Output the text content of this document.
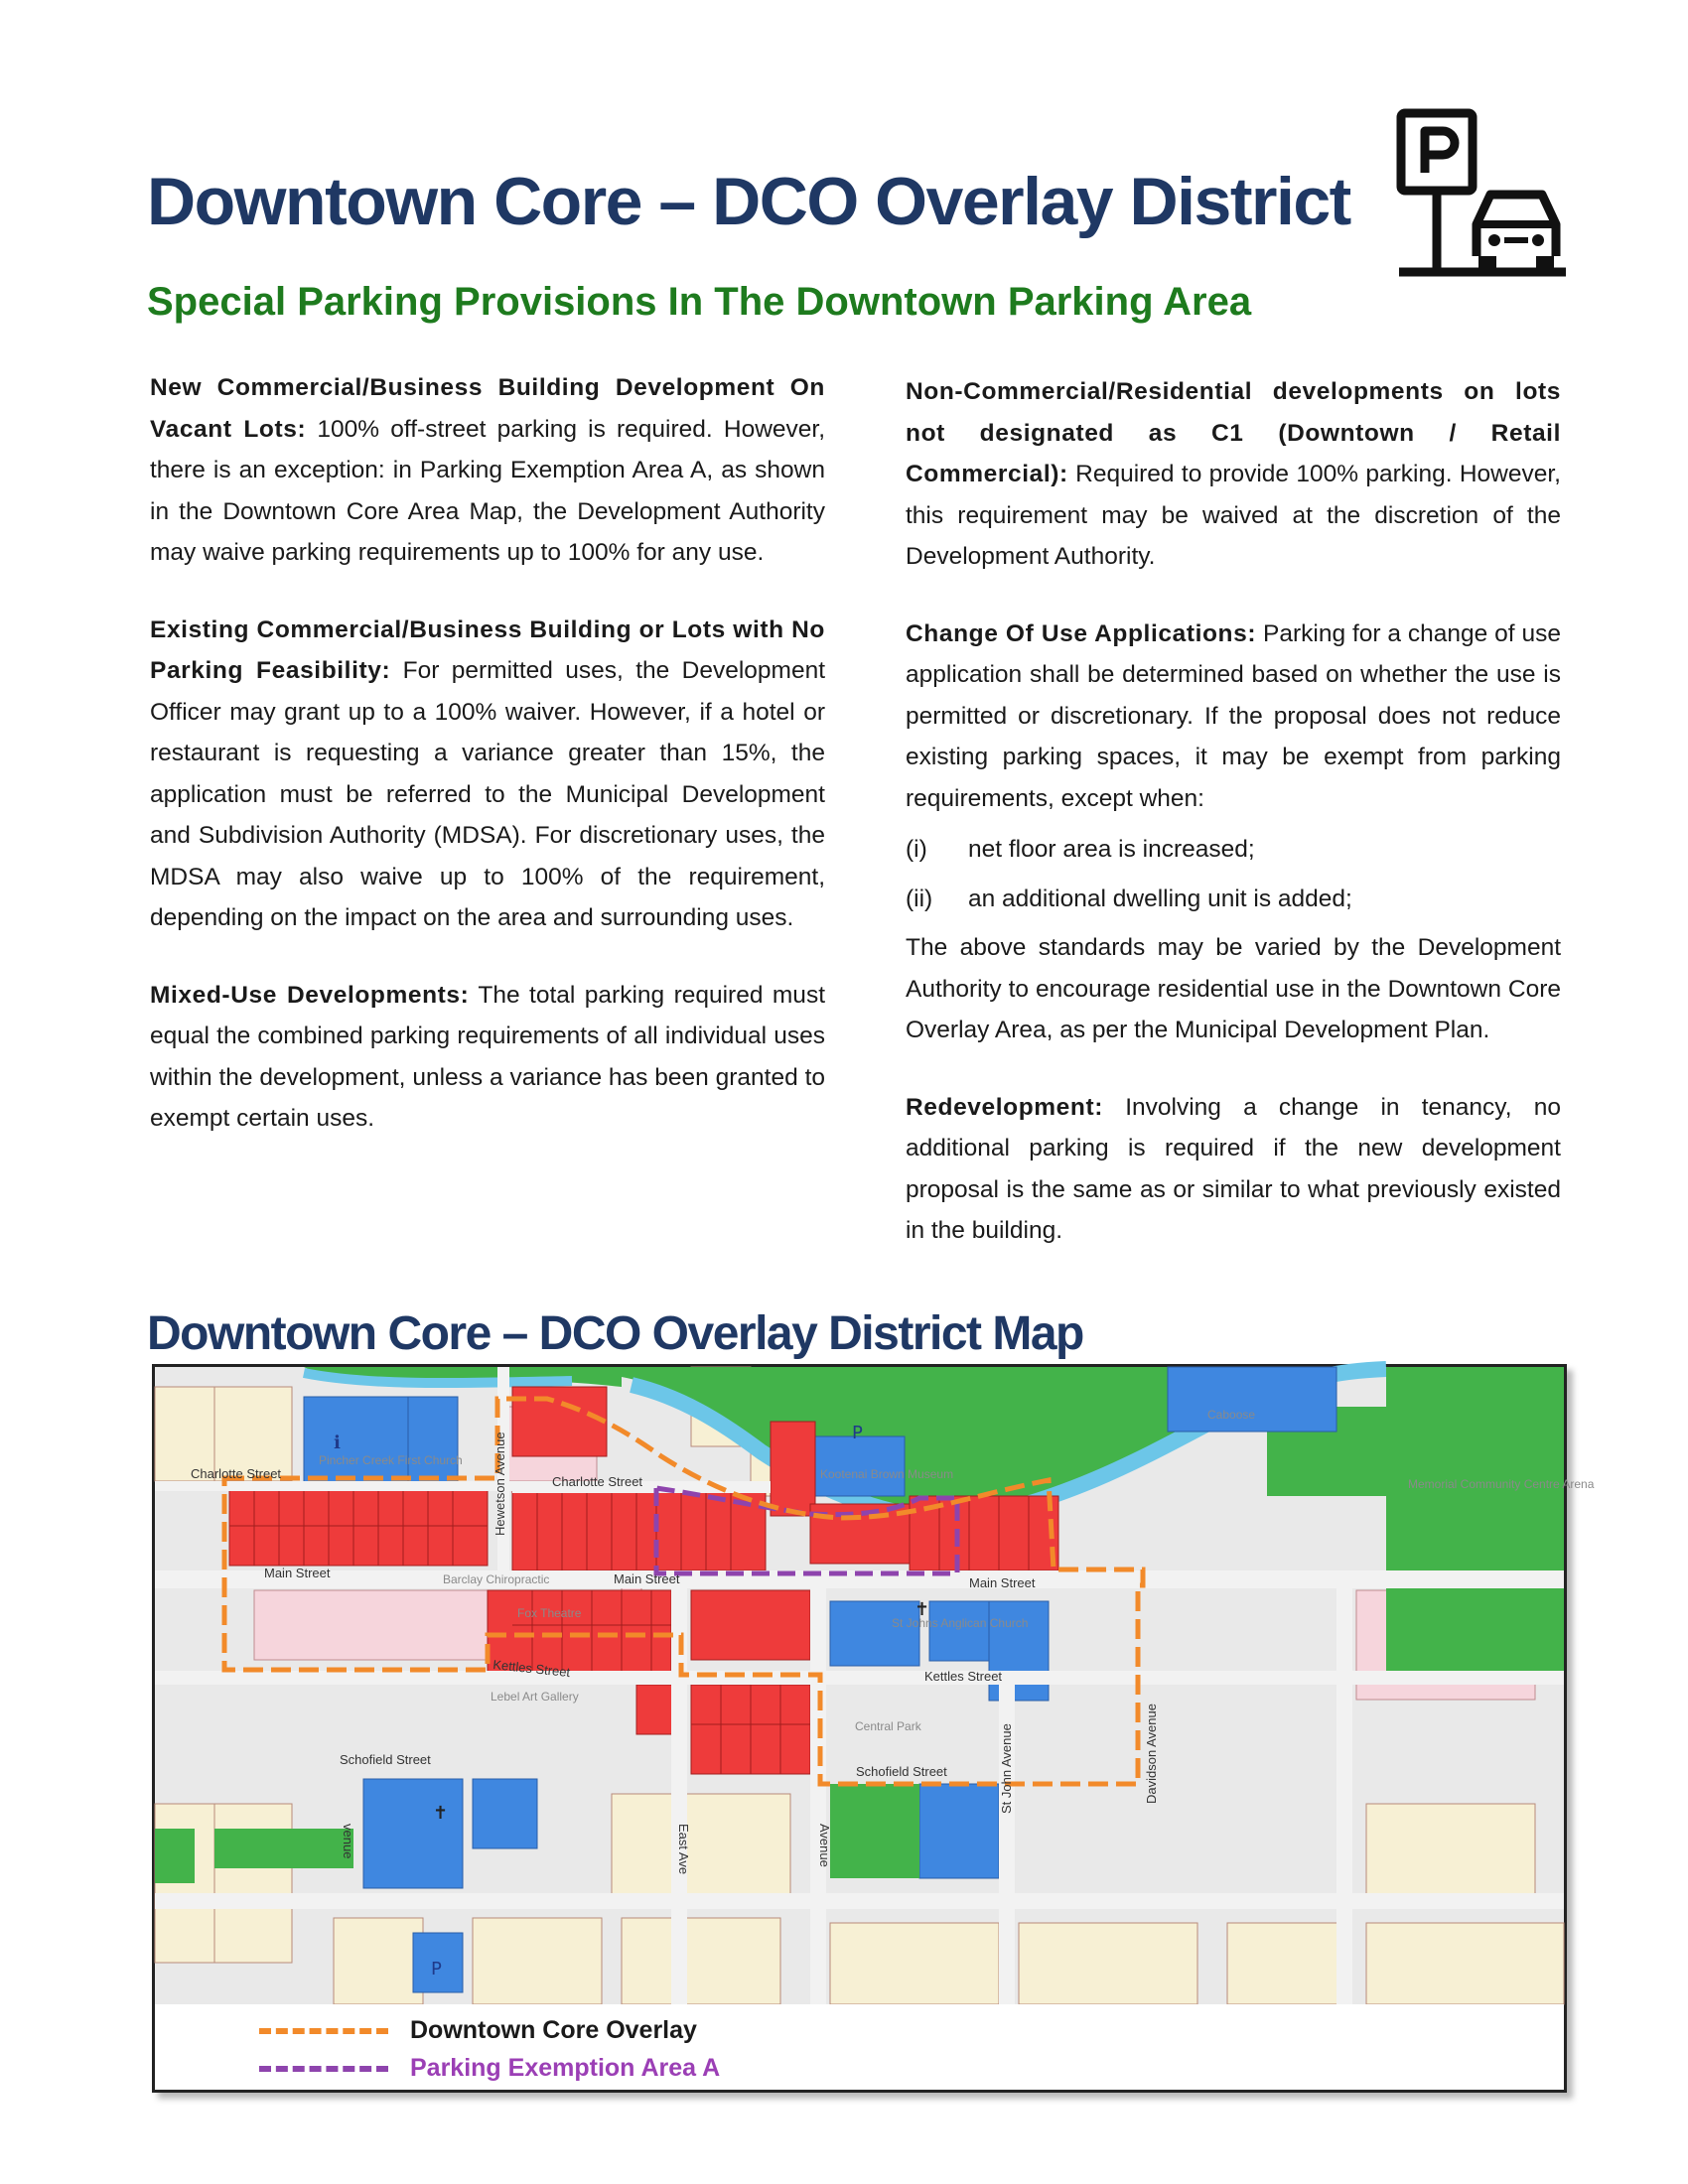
Downtown Core – DCO Overlay District
Special Parking Provisions In The Downtown Parking Area

New Commercial/Business Building Development On Vacant Lots: 100% off-street parking is required. However, there is an exception: in Parking Exemption Area A, as shown in the Downtown Core Area Map, the Development Authority may waive parking requirements up to 100% for any use.

Existing Commercial/Business Building or Lots with No Parking Feasibility: For permitted uses, the Development Officer may grant up to a 100% waiver. However, if a hotel or restaurant is requesting a variance greater than 15%, the application must be referred to the Municipal Development and Subdivision Authority (MDSA). For discretionary uses, the MDSA may also waive up to 100% of the requirement, depending on the impact on the area and surrounding uses.

Mixed-Use Developments: The total parking required must equal the combined parking requirements of all individual uses within the development, unless a variance has been granted to exempt certain uses.

Non-Commercial/Residential developments on lots not designated as C1 (Downtown / Retail Commercial): Required to provide 100% parking. However, this requirement may be waived at the discretion of the Development Authority.

Change Of Use Applications: Parking for a change of use application shall be determined based on whether the use is permitted or discretionary. If the proposal does not reduce existing parking spaces, it may be exempt from parking requirements, except when:

(i)	net floor area is increased;
(ii)	an additional dwelling unit is added;

The above standards may be varied by the Development Authority to encourage residential use in the Downtown Core Overlay Area, as per the Municipal Development Plan.

Redevelopment: Involving a change in tenancy, no additional parking is required if the new development proposal is the same as or similar to what previously existed in the building.

Downtown Core – DCO Overlay District Map
Charlotte Street
Charlotte Street
Main Street	Main Street	Main Street
Kettles Street	Kettles Street
Schofield Street
Schofield Street
Hewetson Avenue
East Ave	Avenue
venue
St John Avenue	Davidson Avenue
Pincher Creek First Church
Barclay Chiropractic
Fox Theatre
Lebel Art Gallery
St Johns Anglican Church
Central Park
Memorial Community Centre Arena
Kootenai Brown Museum
Caboose
ℹ	P
P
✝
✝
Downtown Core Overlay
Parking Exemption Area A
